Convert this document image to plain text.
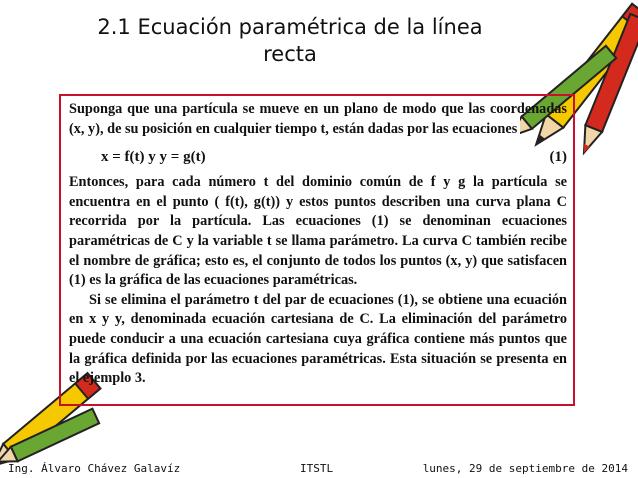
2.1 Ecuación paramétrica de la línea
recta

Suponga que una partícula se mueve en un plano de modo que las coordenadas (x, y), de su posición en cualquier tiempo t, están dadas por las ecuaciones

x = f(t) y y = g(t)	(1)

Entonces, para cada número t del dominio común de f y g la partícula se encuentra en el punto ( f(t), g(t)) y estos puntos describen una curva plana C recorrida por la partícula. Las ecuaciones (1) se denominan ecuaciones paramétricas de C y la variable t se llama parámetro. La curva C también recibe el nombre de gráfica; esto es, el conjunto de todos los puntos (x, y) que satisfacen (1) es la gráfica de las ecuaciones paramétricas.

Si se elimina el parámetro t del par de ecuaciones (1), se obtiene una ecuación en x y y, denominada ecuación cartesiana de C. La eliminación del parámetro puede conducir a una ecuación cartesiana cuya gráfica contiene más puntos que la gráfica definida por las ecuaciones paramétricas. Esta situación se presenta en el ejemplo 3.

Ing. Álvaro Chávez Galavíz	ITSTL	lunes, 29 de septiembre de 2014
